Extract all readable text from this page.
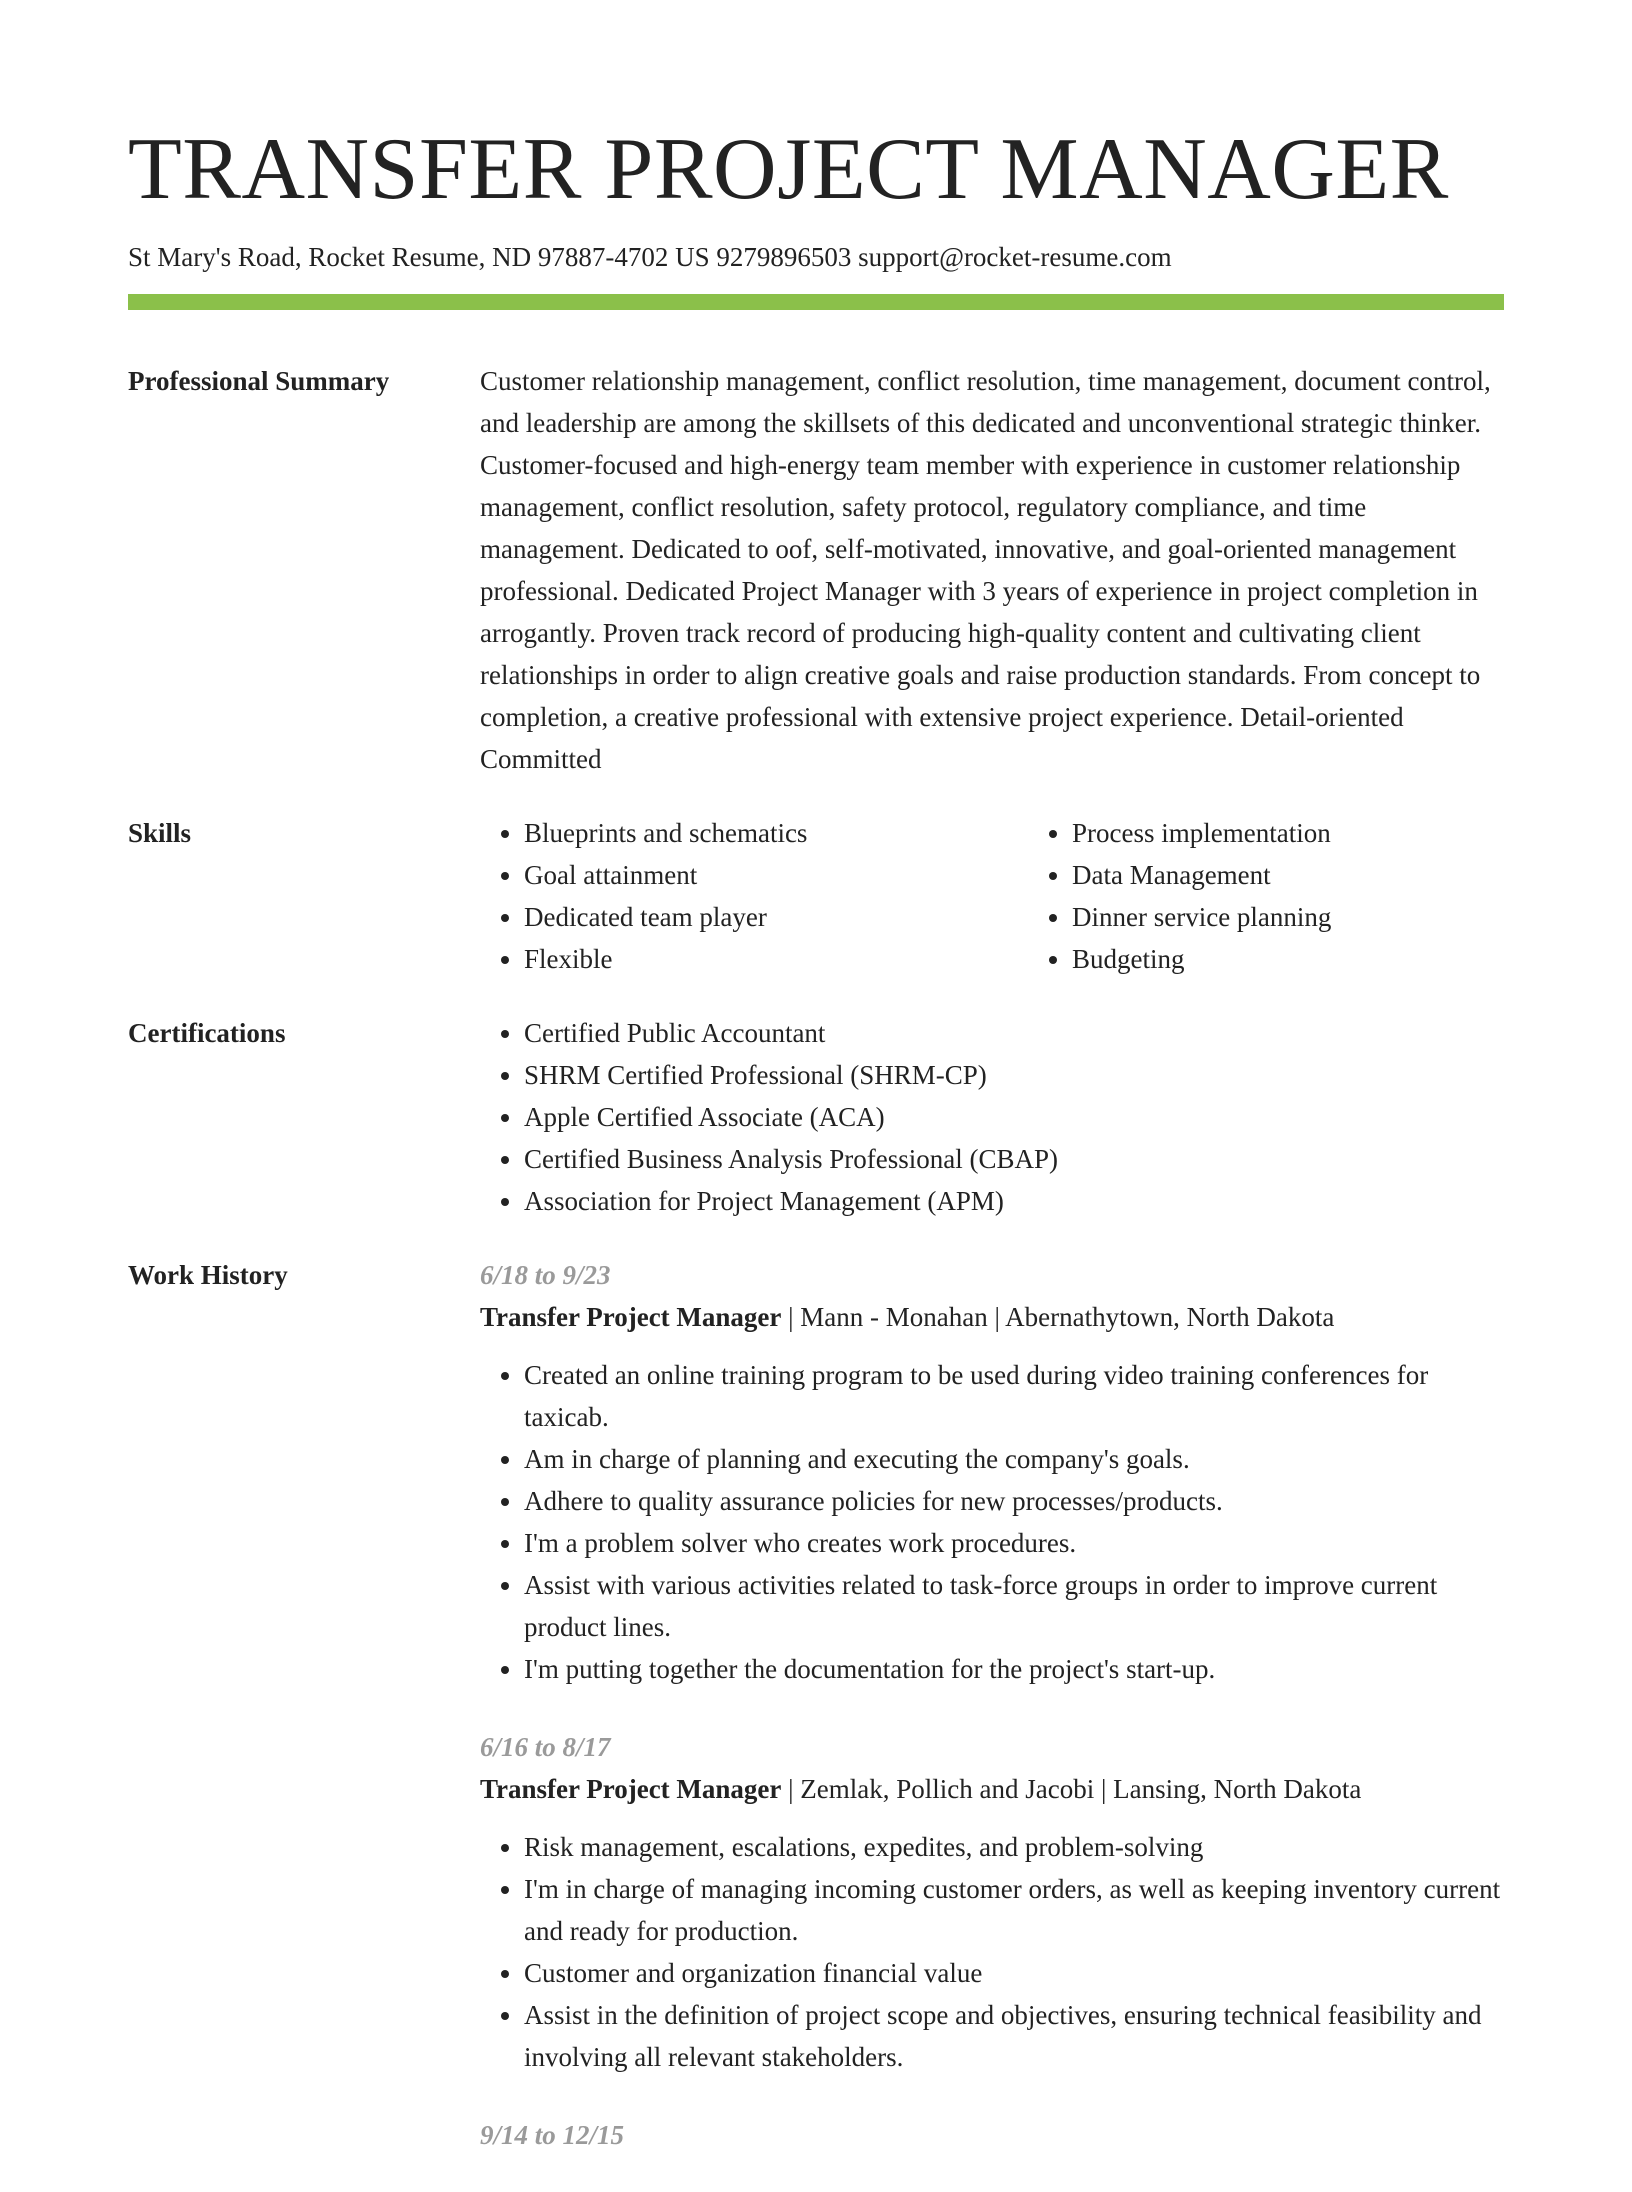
TRANSFER PROJECT MANAGER
St Mary's Road, Rocket Resume, ND 97887-4702 US 9279896503 support@rocket-resume.com
Professional Summary	Customer relationship management, conflict resolution, time management, document control, and leadership are among the skillsets of this dedicated and unconventional strategic thinker. Customer-focused and high-energy team member with experience in customer relationship management, conflict resolution, safety protocol, regulatory compliance, and time management. Dedicated to oof, self-motivated, innovative, and goal-oriented management professional. Dedicated Project Manager with 3 years of experience in project completion in arrogantly. Proven track record of producing high-quality content and cultivating client relationships in order to align creative goals and raise production standards. From concept to completion, a creative professional with extensive project experience. Detail-oriented Committed
Skills	• Blueprints and schematics
• Goal attainment
• Dedicated team player
• Flexible
• Process implementation
• Data Management
• Dinner service planning
• Budgeting
Certifications	• Certified Public Accountant
• SHRM Certified Professional (SHRM-CP)
• Apple Certified Associate (ACA)
• Certified Business Analysis Professional (CBAP)
• Association for Project Management (APM)
Work History	6/18 to 9/23
Transfer Project Manager | Mann - Monahan | Abernathytown, North Dakota
• Created an online training program to be used during video training conferences for taxicab.
• Am in charge of planning and executing the company's goals.
• Adhere to quality assurance policies for new processes/products.
• I'm a problem solver who creates work procedures.
• Assist with various activities related to task-force groups in order to improve current product lines.
• I'm putting together the documentation for the project's start-up.
6/16 to 8/17
Transfer Project Manager | Zemlak, Pollich and Jacobi | Lansing, North Dakota
• Risk management, escalations, expedites, and problem-solving
• I'm in charge of managing incoming customer orders, as well as keeping inventory current and ready for production.
• Customer and organization financial value
• Assist in the definition of project scope and objectives, ensuring technical feasibility and involving all relevant stakeholders.
9/14 to 12/15
